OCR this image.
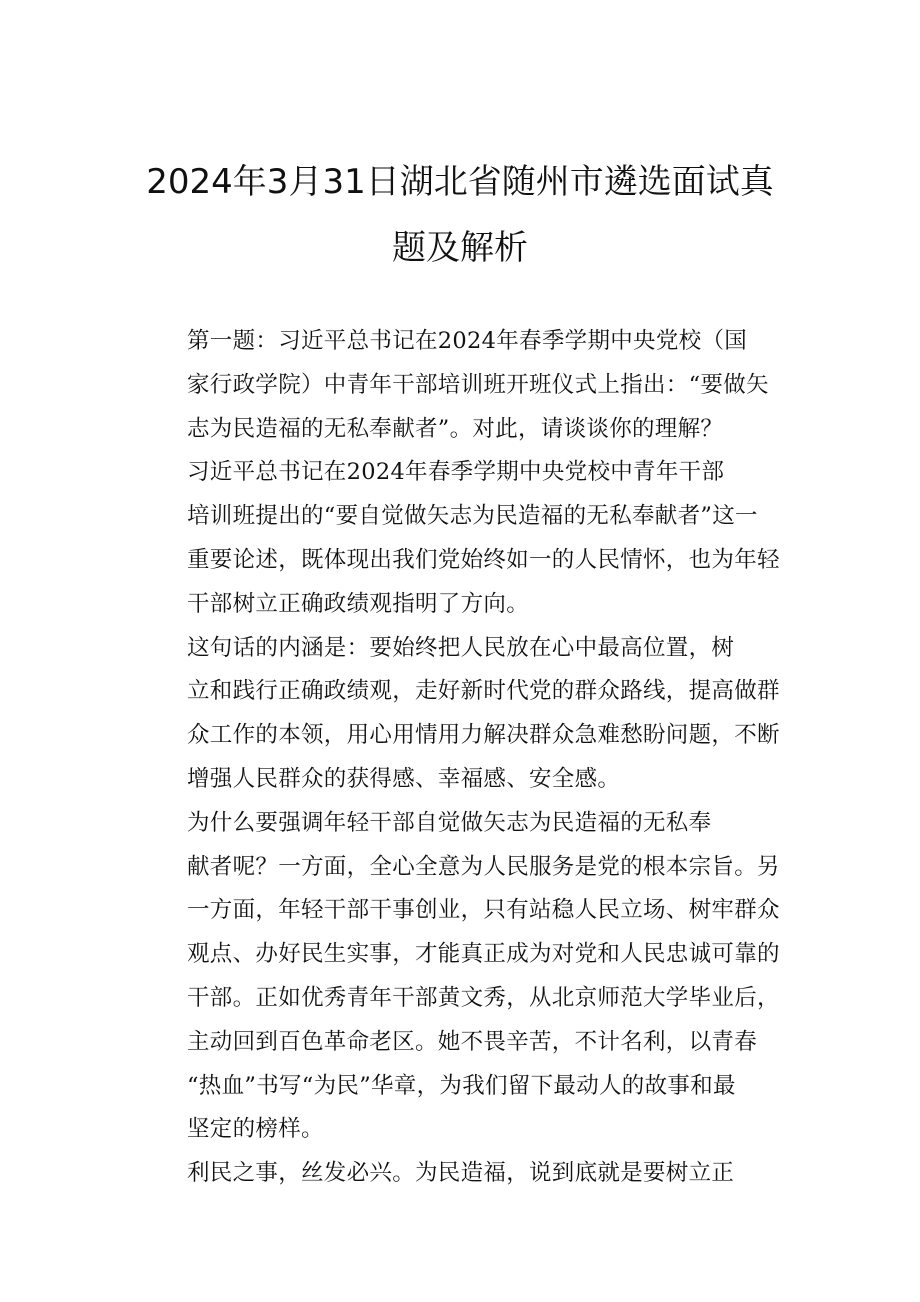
2024年3月31日湖北省随州市遴选面试真
题及解析

第一题：习近平总书记在2024年春季学期中央党校（国
家行政学院）中青年干部培训班开班仪式上指出：“要做矢
志为民造福的无私奉献者”。对此，请谈谈你的理解？

习近平总书记在2024年春季学期中央党校中青年干部
培训班提出的“要自觉做矢志为民造福的无私奉献者”这一
重要论述，既体现出我们党始终如一的人民情怀，也为年轻
干部树立正确政绩观指明了方向。

这句话的内涵是：要始终把人民放在心中最高位置，树
立和践行正确政绩观，走好新时代党的群众路线，提高做群
众工作的本领，用心用情用力解决群众急难愁盼问题，不断
增强人民群众的获得感、幸福感、安全感。

为什么要强调年轻干部自觉做矢志为民造福的无私奉
献者呢？一方面，全心全意为人民服务是党的根本宗旨。另
一方面，年轻干部干事创业，只有站稳人民立场、树牢群众
观点、办好民生实事，才能真正成为对党和人民忠诚可靠的
干部。正如优秀青年干部黄文秀，从北京师范大学毕业后，
主动回到百色革命老区。她不畏辛苦，不计名利，以青春
“热血”书写“为民”华章，为我们留下最动人的故事和最
坚定的榜样。

利民之事，丝发必兴。为民造福，说到底就是要树立正
